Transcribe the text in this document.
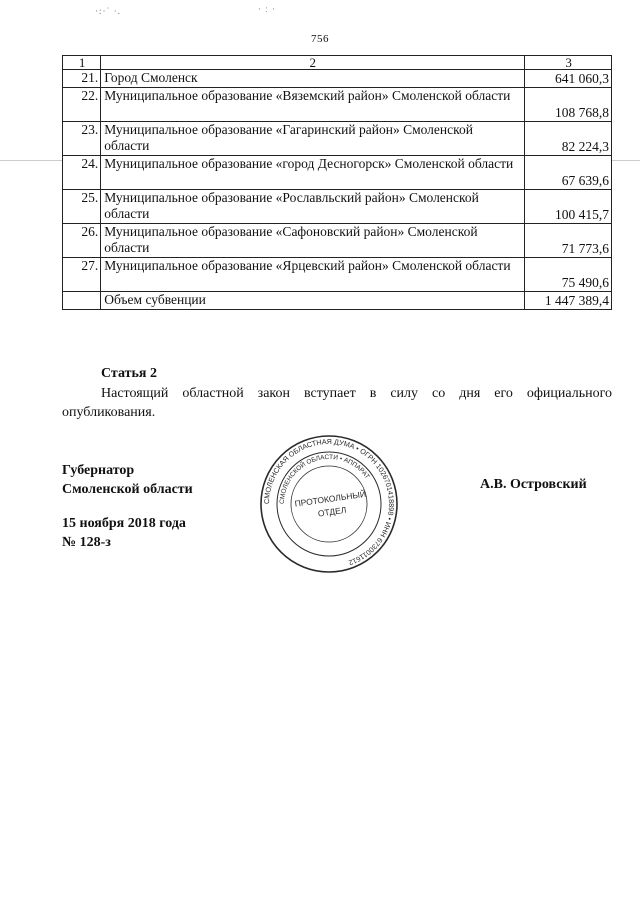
·:·˙ ·.	· ː ·
756
1	2	3
21.	Город Смоленск	641 060,3
22.	Муниципальное образование «Вяземский район» Смоленской области	108 768,8
23.	Муниципальное образование «Гагаринский район» Смоленской области	82 224,3
24.	Муниципальное образование «город Десногорск» Смоленской области	67 639,6
25.	Муниципальное образование «Рославльский район» Смоленской области	100 415,7
26.	Муниципальное образование «Сафоновский район» Смоленской области	71 773,6
27.	Муниципальное образование «Ярцевский район» Смоленской области	75 490,6
	Объем субвенции	1 447 389,4
Статья 2
Настоящий областной закон вступает в силу со дня его официального опубликования.
Губернатор
Смоленской области	А.В. Островский
15 ноября 2018 года
№ 128-з
СМОЛЕНСКАЯ ОБЛАСТНАЯ ДУМА • ОГРН 1026701418898 • ИНН 6730011612
СМОЛЕНСКОЙ ОБЛАСТИ • АППАРАТ
ПРОТОКОЛЬНЫЙ
ОТДЕЛ
